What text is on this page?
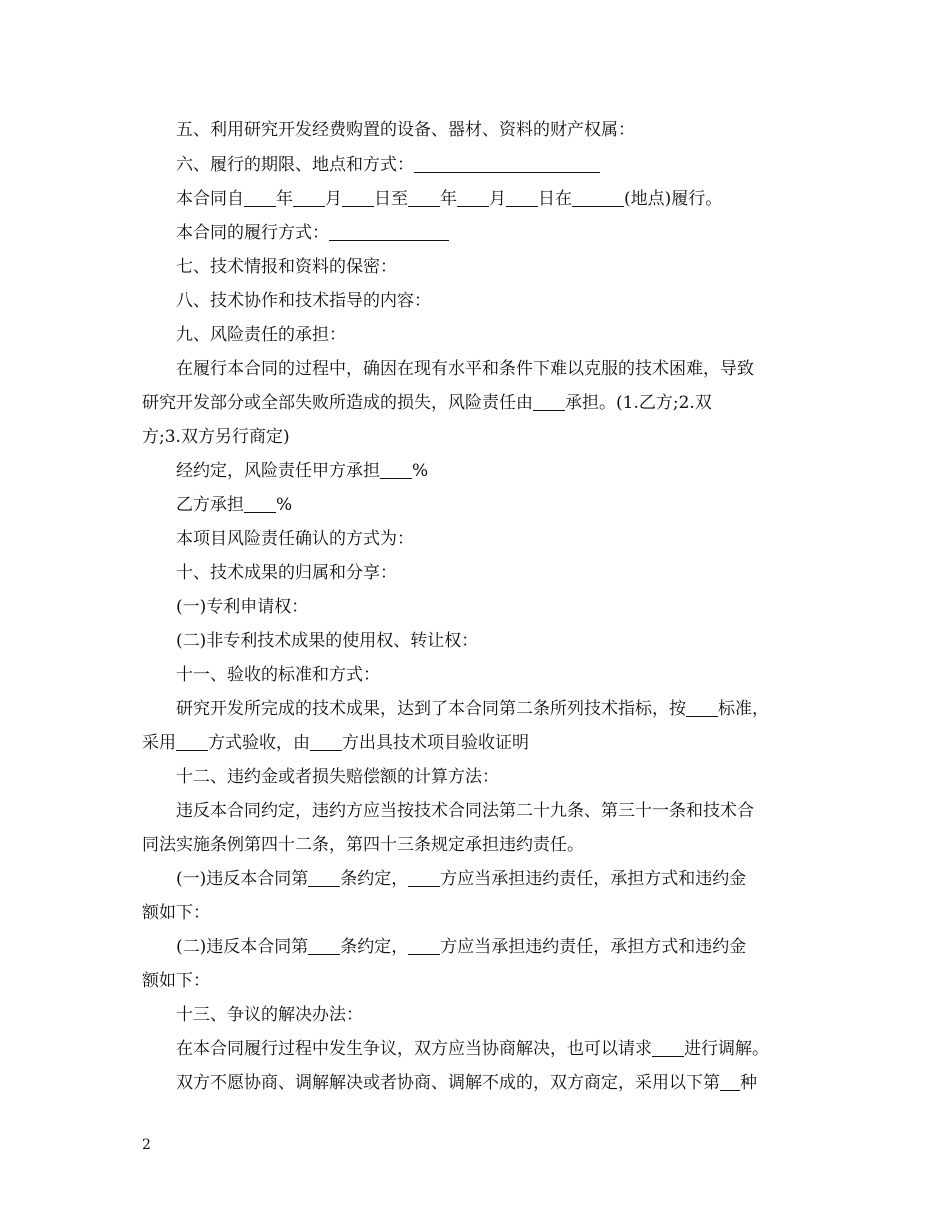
五、利用研究开发经费购置的设备、器材、资料的财产权属：

六、履行的期限、地点和方式：

本合同自 年 月 日至 年 月 日在	(地点)履行。

本合同的履行方式：

七、技术情报和资料的保密：

八、技术协作和技术指导的内容：

九、风险责任的承担：

在履行本合同的过程中，确因在现有水平和条件下难以克服的技术困难，导致

研究开发部分或全部失败所造成的损失，风险责任由 承担。(1.乙方;2.双

方;3.双方另行商定)

经约定，风险责任甲方承担 %

乙方承担 %

本项目风险责任确认的方式为：

十、技术成果的归属和分享：

(一)专利申请权：

(二)非专利技术成果的使用权、转让权：

十一、验收的标准和方式：

研究开发所完成的技术成果，达到了本合同第二条所列技术指标，按 标准，

采用 方式验收，由 方出具技术项目验收证明

十二、违约金或者损失赔偿额的计算方法：

违反本合同约定，违约方应当按技术合同法第二十九条、第三十一条和技术合

同法实施条例第四十二条，第四十三条规定承担违约责任。

(一)违反本合同第 条约定， 方应当承担违约责任，承担方式和违约金

额如下：

(二)违反本合同第 条约定， 方应当承担违约责任，承担方式和违约金

额如下：

十三、争议的解决办法：

在本合同履行过程中发生争议，双方应当协商解决，也可以请求 进行调解。

双方不愿协商、调解解决或者协商、调解不成的，双方商定，采用以下第 种

2
